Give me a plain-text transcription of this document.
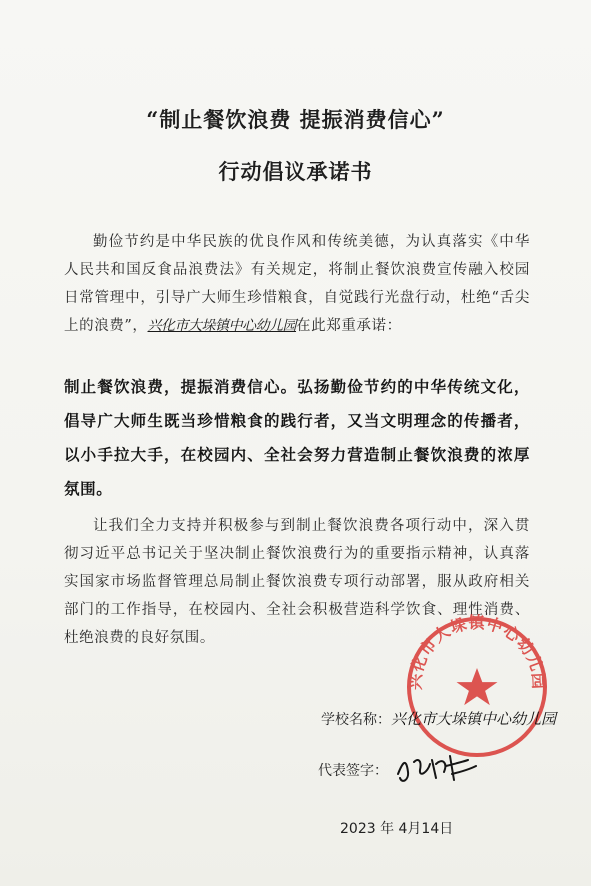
“制止餐饮浪费 提振消费信心”
行动倡议承诺书
勤俭节约是中华民族的优良作风和传统美德，为认真落实《中华人民共和国反食品浪费法》有关规定，将制止餐饮浪费宣传融入校园日常管理中，引导广大师生珍惜粮食，自觉践行光盘行动，杜绝“舌尖上的浪费”，兴化市大垛镇中心幼儿园在此郑重承诺：
制止餐饮浪费，提振消费信心。弘扬勤俭节约的中华传统文化，倡导广大师生既当珍惜粮食的践行者，又当文明理念的传播者，以小手拉大手，在校园内、全社会努力营造制止餐饮浪费的浓厚氛围。
让我们全力支持并积极参与到制止餐饮浪费各项行动中，深入贯彻习近平总书记关于坚决制止餐饮浪费行为的重要指示精神，认真落实国家市场监督管理总局制止餐饮浪费专项行动部署，服从政府相关部门的工作指导，在校园内、全社会积极营造科学饮食、理性消费、杜绝浪费的良好氛围。
兴化市大垛镇中心幼儿园
学校名称：兴化市大垛镇中心幼儿园
代表签字：
2023 年 4月14日
